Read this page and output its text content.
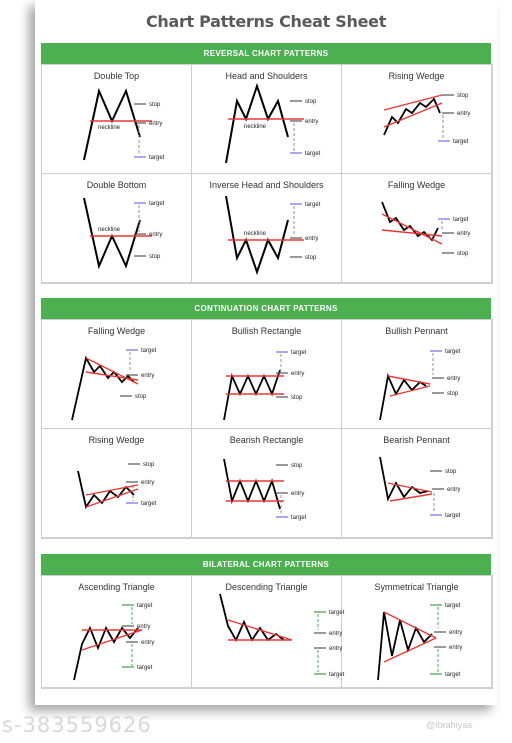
Chart Patterns Cheat Sheet
REVERSAL CHART PATTERNS
Double Top
neckline
stop
entry
target
Head and Shoulders
neckline
stop
entry
target
Rising Wedge
stop
entry
target
Double Bottom
neckline
target
entry
stop
Inverse Head and Shoulders
neckline
target
entry
stop
Falling Wedge
target
entry
stop
CONTINUATION CHART PATTERNS
Falling Wedge
target
entry
stop
Bullish Rectangle
target
entry
stop
Bullish Pennant
target
entry
stop
Rising Wedge
stop
entry
target
Bearish Rectangle
stop
entry
target
Bearish Pennant
stop
entry
target
BILATERAL CHART PATTERNS
Ascending Triangle
target
entry
entry
target
Descending Triangle
target
entry
entry
target
Symmetrical Triangle
target
entry
entry
target
s-383559626	@Ibrahiyaa
